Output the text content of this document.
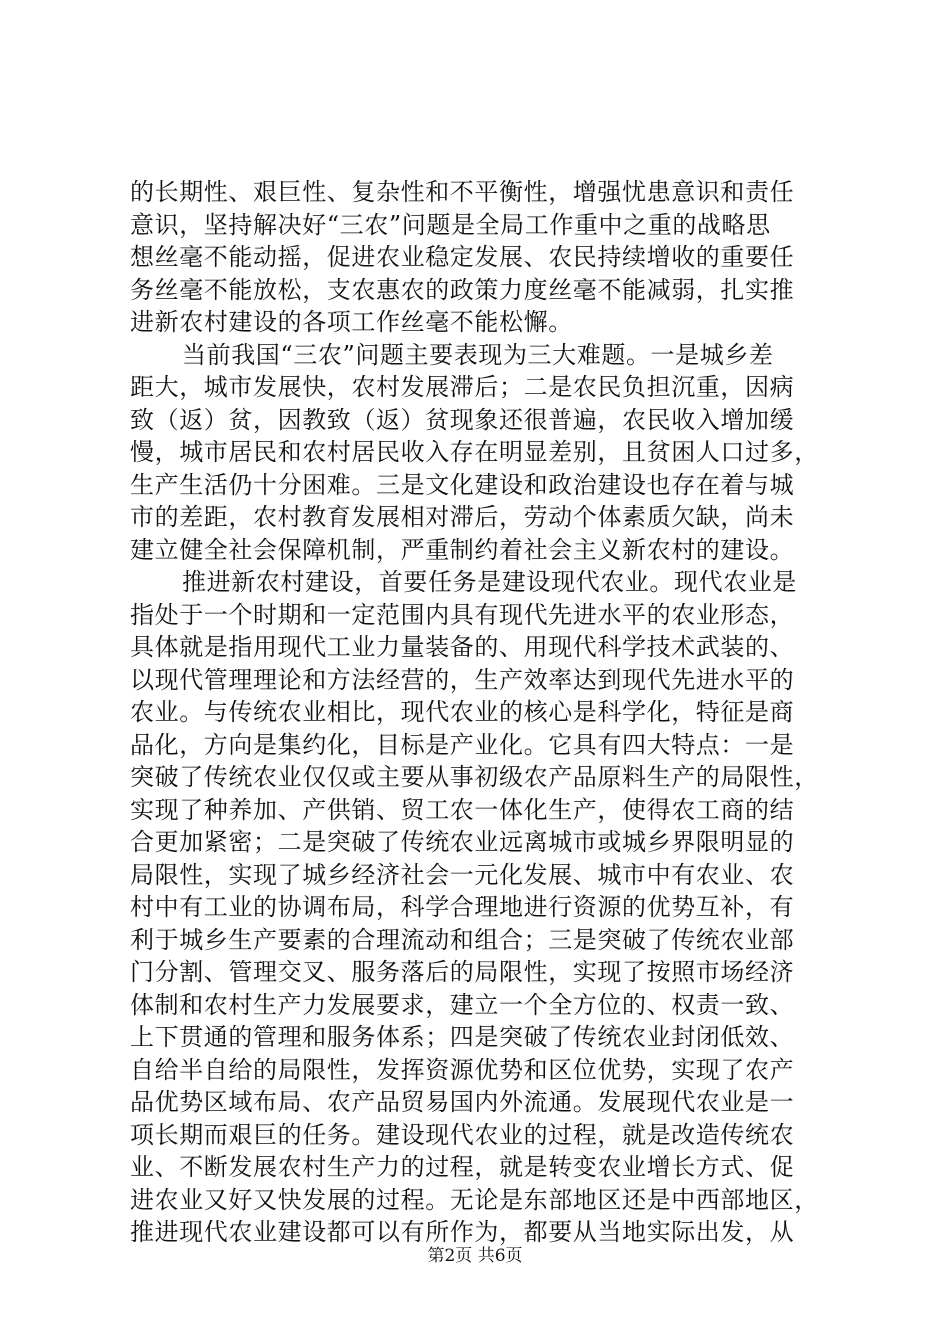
的长期性、艰巨性、复杂性和不平衡性，增强忧患意识和责任
意识，坚持解决好“三农”问题是全局工作重中之重的战略思
想丝毫不能动摇，促进农业稳定发展、农民持续增收的重要任
务丝毫不能放松，支农惠农的政策力度丝毫不能减弱，扎实推
进新农村建设的各项工作丝毫不能松懈。
当前我国“三农”问题主要表现为三大难题。一是城乡差
距大，城市发展快，农村发展滞后；二是农民负担沉重，因病
致（返）贫，因教致（返）贫现象还很普遍，农民收入增加缓
慢，城市居民和农村居民收入存在明显差别，且贫困人口过多，
生产生活仍十分困难。三是文化建设和政治建设也存在着与城
市的差距，农村教育发展相对滞后，劳动个体素质欠缺，尚未
建立健全社会保障机制，严重制约着社会主义新农村的建设。
推进新农村建设，首要任务是建设现代农业。现代农业是
指处于一个时期和一定范围内具有现代先进水平的农业形态，
具体就是指用现代工业力量装备的、用现代科学技术武装的、
以现代管理理论和方法经营的，生产效率达到现代先进水平的
农业。与传统农业相比，现代农业的核心是科学化，特征是商
品化，方向是集约化，目标是产业化。它具有四大特点：一是
突破了传统农业仅仅或主要从事初级农产品原料生产的局限性，
实现了种养加、产供销、贸工农一体化生产，使得农工商的结
合更加紧密；二是突破了传统农业远离城市或城乡界限明显的
局限性，实现了城乡经济社会一元化发展、城市中有农业、农
村中有工业的协调布局，科学合理地进行资源的优势互补，有
利于城乡生产要素的合理流动和组合；三是突破了传统农业部
门分割、管理交叉、服务落后的局限性，实现了按照市场经济
体制和农村生产力发展要求，建立一个全方位的、权责一致、
上下贯通的管理和服务体系；四是突破了传统农业封闭低效、
自给半自给的局限性，发挥资源优势和区位优势，实现了农产
品优势区域布局、农产品贸易国内外流通。发展现代农业是一
项长期而艰巨的任务。建设现代农业的过程，就是改造传统农
业、不断发展农村生产力的过程，就是转变农业增长方式、促
进农业又好又快发展的过程。无论是东部地区还是中西部地区，
推进现代农业建设都可以有所作为，都要从当地实际出发，从
第2页 共6页
